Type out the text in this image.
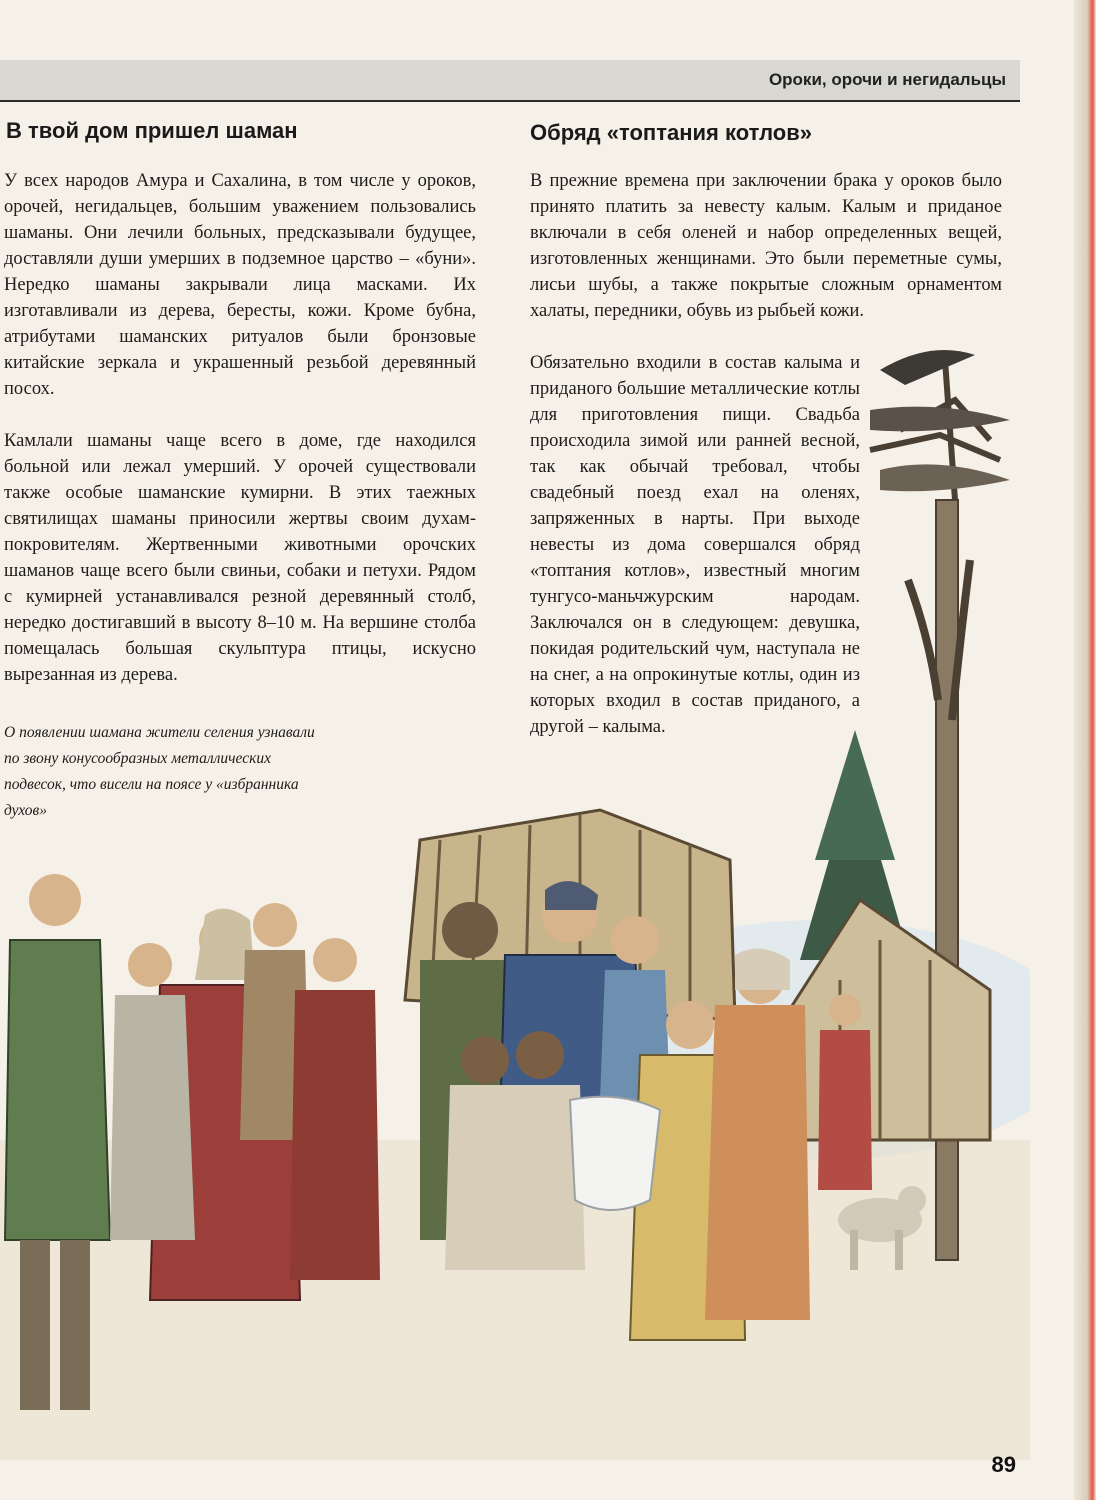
Ороки, орочи и негидальцы
В твой дом пришел шаман

У всех народов Амура и Сахалина, в том числе у ороков, орочей, негидальцев, большим уважением пользовались шаманы. Они лечили больных, предсказывали будущее, доставляли души умерших в подземное царство – «буни». Нередко шаманы закрывали лица масками. Их изготавливали из дерева, бересты, кожи. Кроме бубна, атрибутами шаманских ритуалов были бронзовые китайские зеркала и украшенный резьбой деревянный посох.

Камлали шаманы чаще всего в доме, где находился больной или лежал умерший. У орочей существовали также особые шаманские кумирни. В этих таежных святилищах шаманы приносили жертвы своим духам-покровителям. Жертвенными животными орочских шаманов чаще всего были свиньи, собаки и петухи. Рядом с кумирней устанавливался резной деревянный столб, нередко достигавший в высоту 8–10 м. На вершине столба помещалась большая скульптура птицы, искусно вырезанная из дерева.

О появлении шамана жители селения узнавали по звону конусообразных металлических подвесок, что висели на поясе у «избранника духов»

Обряд «топтания котлов»

В прежние времена при заключении брака у ороков было принято платить за невесту калым. Калым и приданое включали в себя оленей и набор определенных вещей, изготовленных женщинами. Это были переметные сумы, лисьи шубы, а также покрытые сложным орнаментом халаты, передники, обувь из рыбьей кожи.

Обязательно входили в состав калыма и приданого большие металлические котлы для приготовления пищи. Свадьба происходила зимой или ранней весной, так как обычай требовал, чтобы свадебный поезд ехал на оленях, запряженных в нарты. При выходе невесты из дома совершался обряд «топтания котлов», известный многим тунгусо-маньчжурским народам. Заключался он в следующем: девушка, покидая родительский чум, наступала не на снег, а на опрокинутые котлы, один из которых входил в состав приданого, а другой – калыма.

89
